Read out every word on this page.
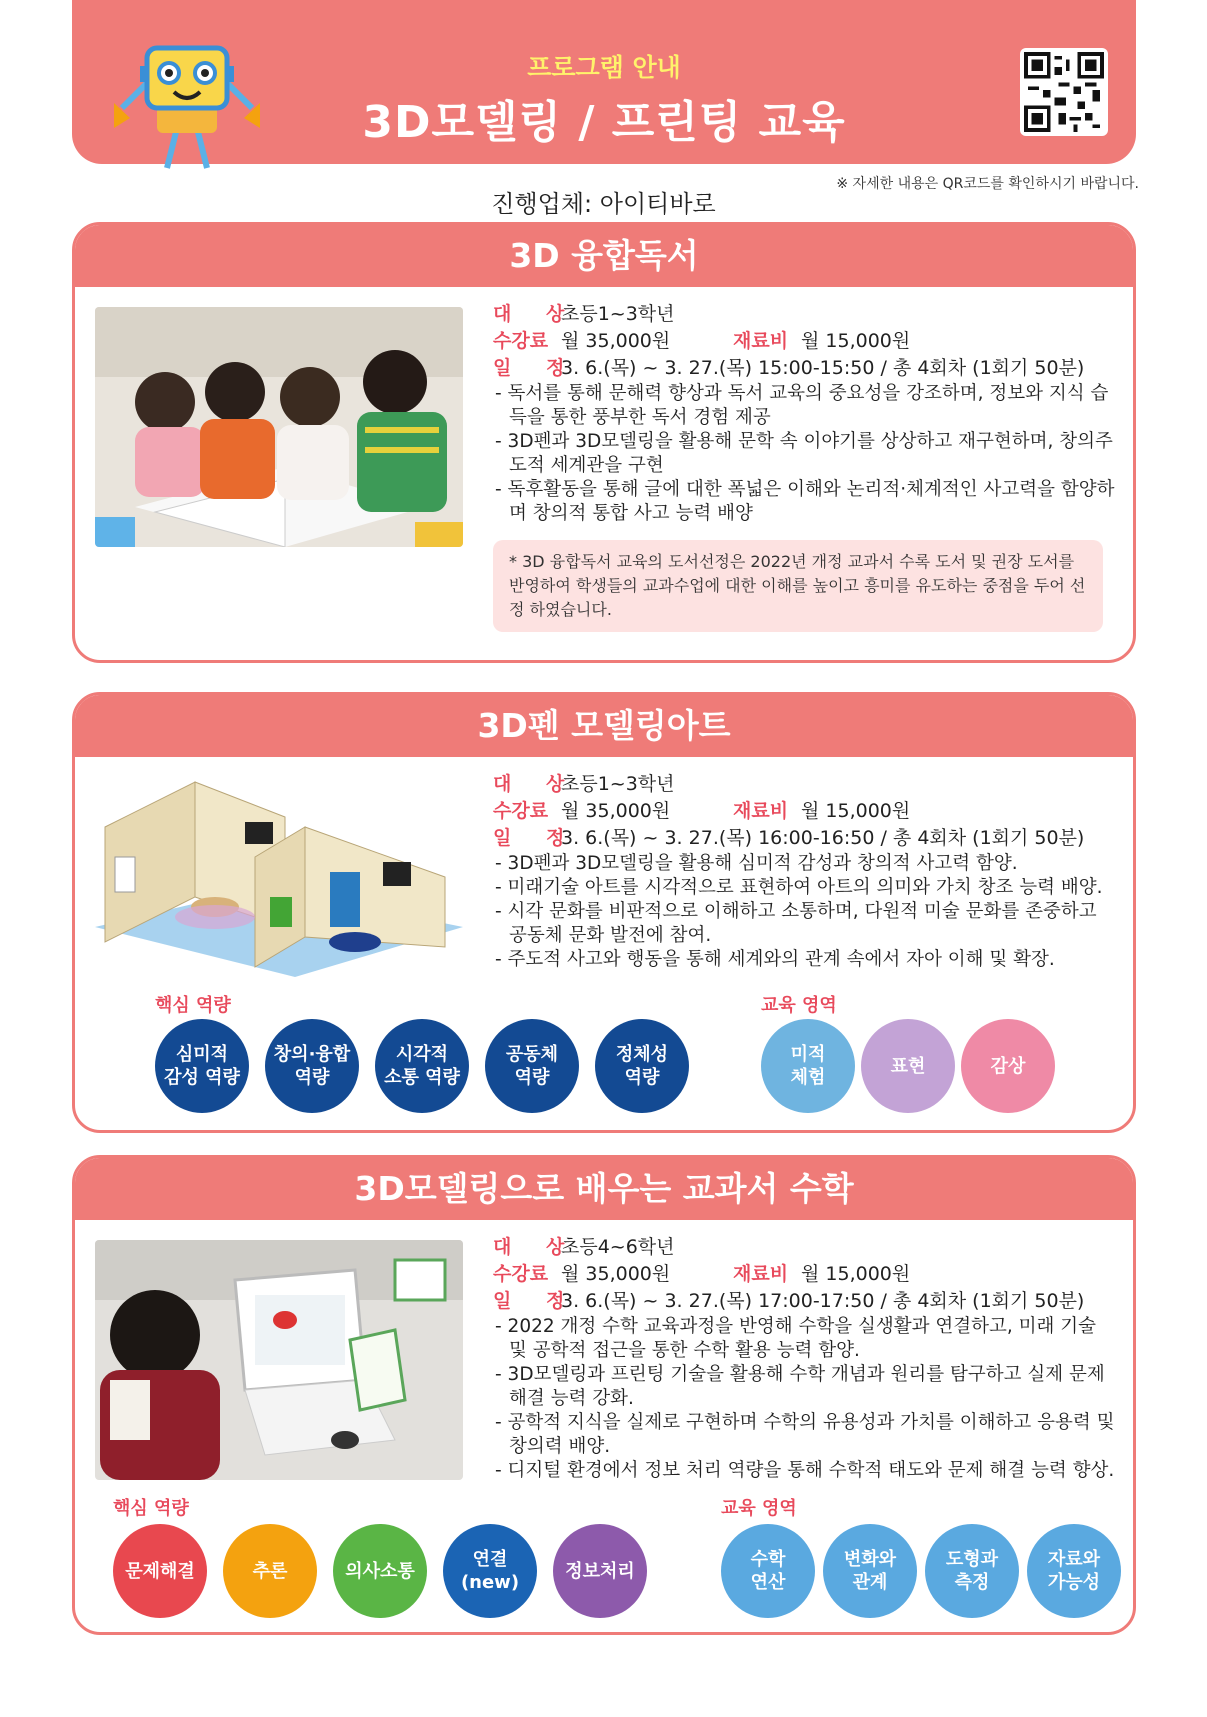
프로그램 안내
3D모델링 / 프린팅 교육
※ 자세한 내용은 QR코드를 확인하시기 바랍니다.
진행업체: 아이티바로
3D 융합독서
대 상초등1~3학년
수강료 월 35,000원	재료비 월 15,000원
일 정3. 6.(목) ~ 3. 27.(목) 15:00-15:50 / 총 4회차 (1회기 50분)
- 독서를 통해 문해력 향상과 독서 교육의 중요성을 강조하며, 정보와 지식 습득을 통한 풍부한 독서 경험 제공
- 3D펜과 3D모델링을 활용해 문학 속 이야기를 상상하고 재구현하며, 창의주도적 세계관을 구현
- 독후활동을 통해 글에 대한 폭넓은 이해와 논리적·체계적인 사고력을 함양하며 창의적 통합 사고 능력 배양
* 3D 융합독서 교육의 도서선정은 2022년 개정 교과서 수록 도서 및 권장 도서를 반영하여 학생들의 교과수업에 대한 이해를 높이고 흥미를 유도하는 중점을 두어 선정 하였습니다.
3D펜 모델링아트
대 상초등1~3학년
수강료 월 35,000원	재료비 월 15,000원
일 정3. 6.(목) ~ 3. 27.(목) 16:00-16:50 / 총 4회차 (1회기 50분)
- 3D펜과 3D모델링을 활용해 심미적 감성과 창의적 사고력 함양.
- 미래기술 아트를 시각적으로 표현하여 아트의 의미와 가치 창조 능력 배양.
- 시각 문화를 비판적으로 이해하고 소통하며, 다원적 미술 문화를 존중하고 공동체 문화 발전에 참여.
- 주도적 사고와 행동을 통해 세계와의 관계 속에서 자아 이해 및 확장.
핵심 역량	교육 영역
심미적
감성 역량
창의·융합
역량
시각적
소통 역량
공동체
역량
정체성
역량
미적
체험
표현	감상
3D모델링으로 배우는 교과서 수학
대 상초등4~6학년
수강료 월 35,000원	재료비 월 15,000원
일 정3. 6.(목) ~ 3. 27.(목) 17:00-17:50 / 총 4회차 (1회기 50분)
- 2022 개정 수학 교육과정을 반영해 수학을 실생활과 연결하고, 미래 기술 및 공학적 접근을 통한 수학 활용 능력 함양.
- 3D모델링과 프린팅 기술을 활용해 수학 개념과 원리를 탐구하고 실제 문제 해결 능력 강화.
- 공학적 지식을 실제로 구현하며 수학의 유용성과 가치를 이해하고 응용력 및 창의력 배양.
- 디지털 환경에서 정보 처리 역량을 통해 수학적 태도와 문제 해결 능력 향상.
핵심 역량	교육 영역
문제해결	추론	의사소통
연결
(new)
정보처리
수학
연산
변화와
관계
도형과
측정
자료와
가능성
